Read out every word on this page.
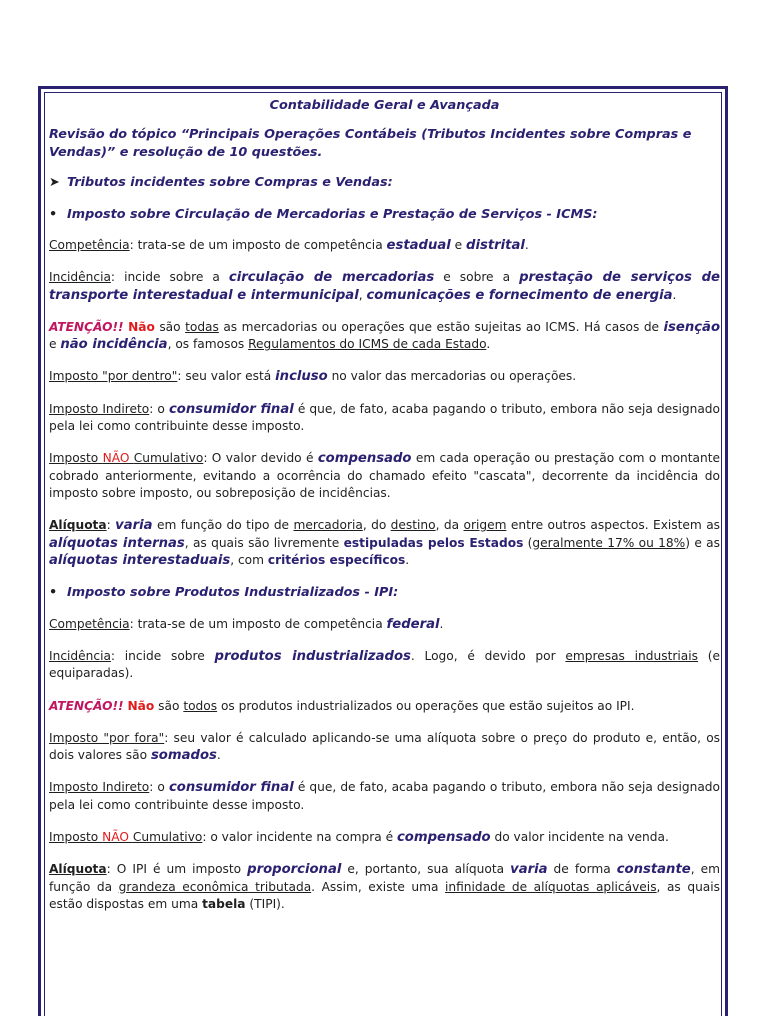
Contabilidade Geral e Avançada

Revisão do tópico “Principais Operações Contábeis (Tributos Incidentes sobre Compras e Vendas)” e resolução de 10 questões.

➤ Tributos incidentes sobre Compras e Vendas:

• Imposto sobre Circulação de Mercadorias e Prestação de Serviços - ICMS:

Competência: trata-se de um imposto de competência estadual e distrital.

Incidência: incide sobre a circulação de mercadorias e sobre a prestação de serviços de transporte interestadual e intermunicipal, comunicações e fornecimento de energia.

ATENÇÃO!! Não são todas as mercadorias ou operações que estão sujeitas ao ICMS. Há casos de isenção e não incidência, os famosos Regulamentos do ICMS de cada Estado.

Imposto "por dentro": seu valor está incluso no valor das mercadorias ou operações.

Imposto Indireto: o consumidor final é que, de fato, acaba pagando o tributo, embora não seja designado pela lei como contribuinte desse imposto.

Imposto NÃO Cumulativo: O valor devido é compensado em cada operação ou prestação com o montante cobrado anteriormente, evitando a ocorrência do chamado efeito "cascata", decorrente da incidência do imposto sobre imposto, ou sobreposição de incidências.

Alíquota: varia em função do tipo de mercadoria, do destino, da origem entre outros aspectos. Existem as alíquotas internas, as quais são livremente estipuladas pelos Estados (geralmente 17% ou 18%) e as alíquotas interestaduais, com critérios específicos.

• Imposto sobre Produtos Industrializados - IPI:

Competência: trata-se de um imposto de competência federal.

Incidência: incide sobre produtos industrializados. Logo, é devido por empresas industriais (e equiparadas).

ATENÇÃO!! Não são todos os produtos industrializados ou operações que estão sujeitos ao IPI.

Imposto "por fora": seu valor é calculado aplicando-se uma alíquota sobre o preço do produto e, então, os dois valores são somados.

Imposto Indireto: o consumidor final é que, de fato, acaba pagando o tributo, embora não seja designado pela lei como contribuinte desse imposto.

Imposto NÃO Cumulativo: o valor incidente na compra é compensado do valor incidente na venda.

Alíquota: O IPI é um imposto proporcional e, portanto, sua alíquota varia de forma constante, em função da grandeza econômica tributada. Assim, existe uma infinidade de alíquotas aplicáveis, as quais estão dispostas em uma tabela (TIPI).
